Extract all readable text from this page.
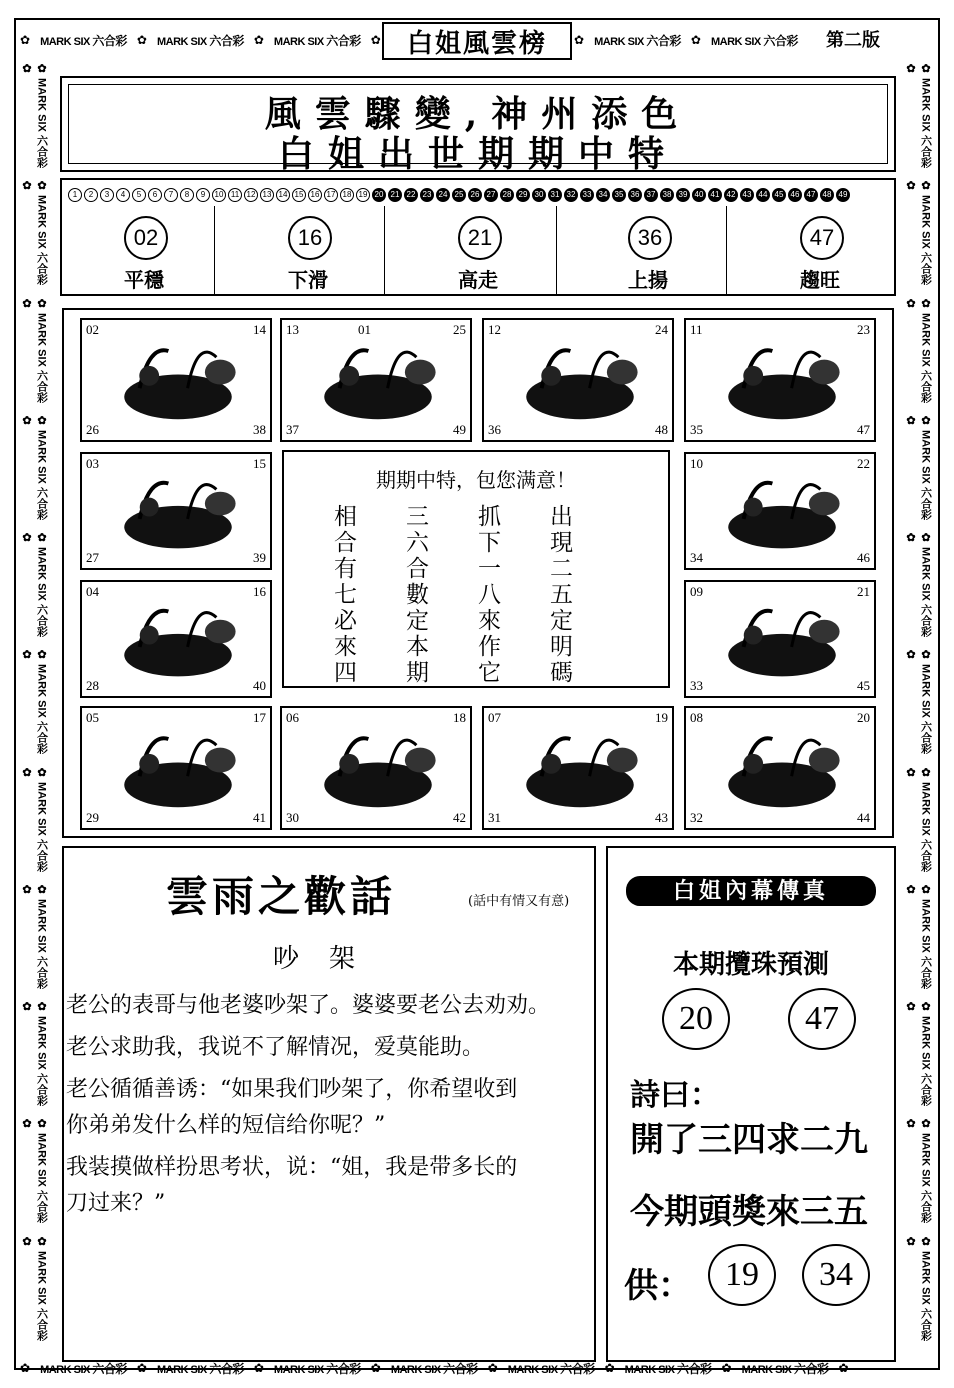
✿ MARK SIX 六合彩 ✿ MARK SIX 六合彩 ✿ MARK SIX 六合彩 ✿	白姐風雲榜	✿ MARK SIX 六合彩 ✿ MARK SIX 六合彩 第二版
✿ MARK SIX 六合彩 ✿
✿ MARK SIX 六合彩 ✿
✿ MARK SIX 六合彩 ✿
✿ MARK SIX 六合彩 ✿
✿ MARK SIX 六合彩 ✿
✿ MARK SIX 六合彩 ✿
✿ MARK SIX 六合彩 ✿
✿ MARK SIX 六合彩 ✿
✿ MARK SIX 六合彩 ✿
✿ MARK SIX 六合彩 ✿
✿ MARK SIX 六合彩 ✿
✿ MARK SIX 六合彩 ✿
✿ MARK SIX 六合彩 ✿
✿ MARK SIX 六合彩 ✿
✿ MARK SIX 六合彩 ✿
✿ MARK SIX 六合彩 ✿
✿ MARK SIX 六合彩 ✿
✿ MARK SIX 六合彩 ✿
✿ MARK SIX 六合彩 ✿
✿ MARK SIX 六合彩 ✿
✿ MARK SIX 六合彩 ✿
✿ MARK SIX 六合彩 ✿
風雲驟變,神州添色
白姐出世期期中特
1	2	3	4	5	6	7	8	9	10 11 12 13 14 15 16 17 18 19 20 21 22 23 24 25 26 27 28 29 30 31 32 33 34 35 36 37 38 39 40 41 42 43 44 45 46 47 48 49
02
平穩
16
下滑
21
高走
36
上揚
47
趨旺
02	14
26	38
13	01	25
37	49
12	24
36	48
11	23
35	47
03	15
27	39
10	22
34	46
04	16
28	40
09	21
33	45
05	17
29	41
06	18
30	42
07	19
31	43
08	20
32	44
期期中特，包您满意！
相	三	抓	出
合	六	下	現
有	合	一	二
七	數	八	五
必	定	來	定
來	本	作	明
四	期	它	碼
雲雨之歡話	(話中有情又有意)
吵架
老公的表哥与他老婆吵架了。婆婆要老公去劝劝。
老公求助我，我说不了解情况，爱莫能助。
老公循循善诱：“如果我们吵架了，你希望收到
你弟弟发什么样的短信给你呢？”
我装摸做样扮思考状，说：“姐，我是带多长的
刀过来？”
白姐內幕傳真
本期攬珠預測
20	47
詩曰：
開了三四求二九
今期頭獎來三五
供： 19	34
✿ MARK SIX 六合彩 ✿ MARK SIX 六合彩 ✿ MARK SIX 六合彩 ✿ MARK SIX 六合彩 ✿ MARK SIX 六合彩 ✿ MARK SIX 六合彩 ✿ MARK SIX 六合彩 ✿
